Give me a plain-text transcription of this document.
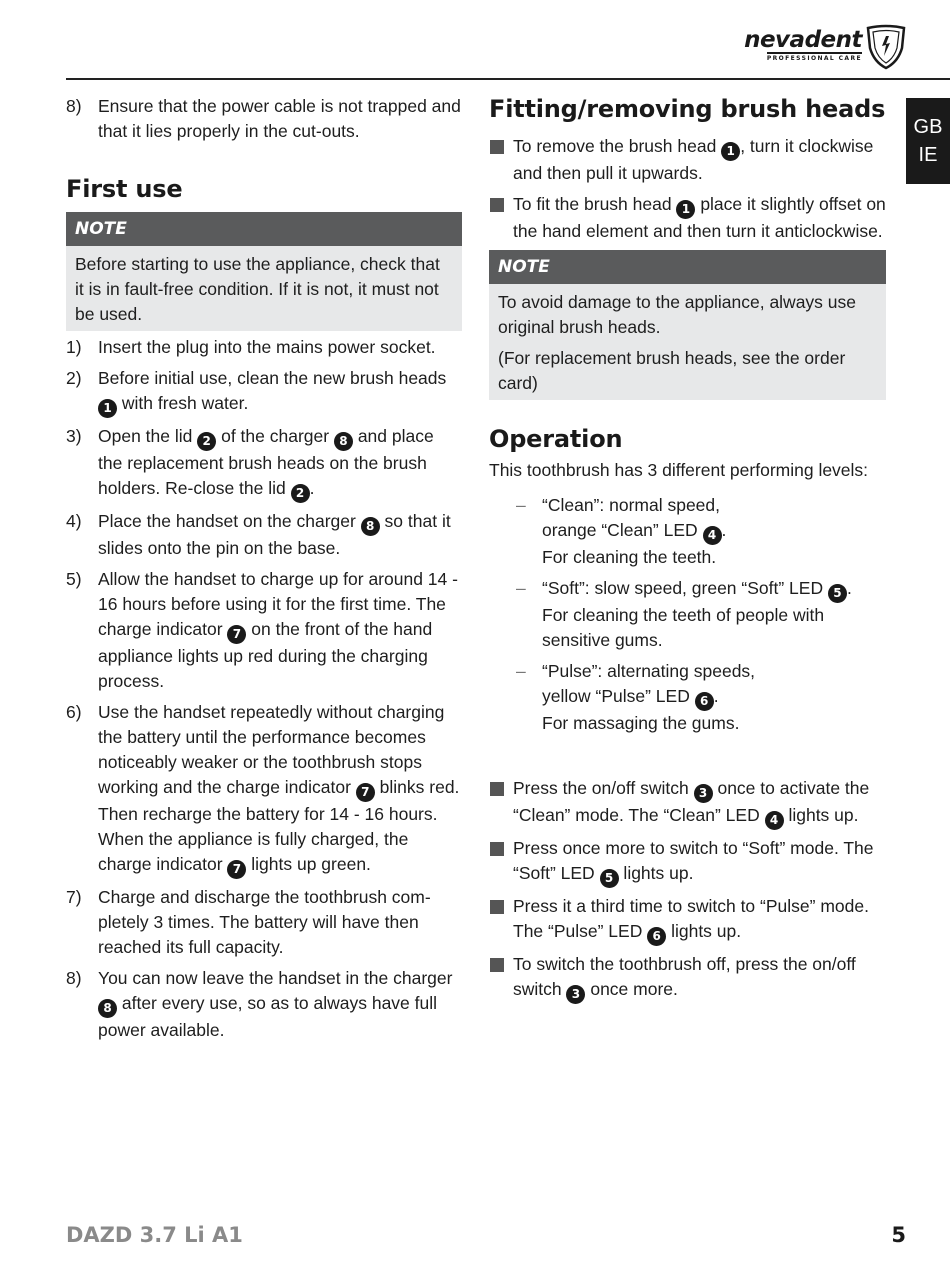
nevadent
PROFESSIONAL CARE
GB
IE
8) Ensure that the power cable is not trapped and that it lies properly in the cut-outs.
First use
NOTE
Before starting to use the appliance, check that it is in fault-free condition. If it is not, it must not be used.
1) Insert the plug into the mains power socket.
2) Before initial use, clean the new brush heads 1 with fresh water.
3) Open the lid 2 of the charger 8 and place the replacement brush heads on the brush holders. Re-close the lid 2 .
4) Place the handset on the charger 8 so that it slides onto the pin on the base.
5) Allow the handset to charge up for around 14 - 16 hours before using it for the first time. The charge indicator 7 on the front of the hand appliance lights up red during the charging process.
6) Use the handset repeatedly without charging the battery until the performance becomes noticeably weaker or the toothbrush stops working and the charge indicator 7 blinks red. Then recharge the battery for 14 - 16 hours. When the appliance is fully charged, the charge indicator 7 lights up green.
7) Charge and discharge the toothbrush completely 3 times. The battery will have then reached its full capacity.
8) You can now leave the handset in the charger 8 after every use, so as to always have full power available.
Fitting/removing brush heads
To remove the brush head 1 , turn it clockwise and then pull it upwards.
To fit the brush head 1 place it slightly offset on the hand element and then turn it anticlockwise.
NOTE

To avoid damage to the appliance, always use original brush heads.

(For replacement brush heads, see the order card)

Operation

This toothbrush has 3 different performing levels:

– “Clean”: normal speed,
orange “Clean” LED 4 .
For cleaning the teeth.
– “Soft”: slow speed, green “Soft” LED 5 .
For cleaning the teeth of people with sensitive gums.
– “Pulse”: alternating speeds,
yellow “Pulse” LED 6 .
For massaging the gums.
Press the on/off switch 3 once to activate the “Clean” mode. The “Clean” LED 4 lights up.
Press once more to switch to “Soft” mode. The “Soft” LED 5 lights up.
Press it a third time to switch to “Pulse” mode. The “Pulse” LED 6 lights up.
To switch the toothbrush off, press the on/off switch 3 once more.
DAZD 3.7 Li A1	5
